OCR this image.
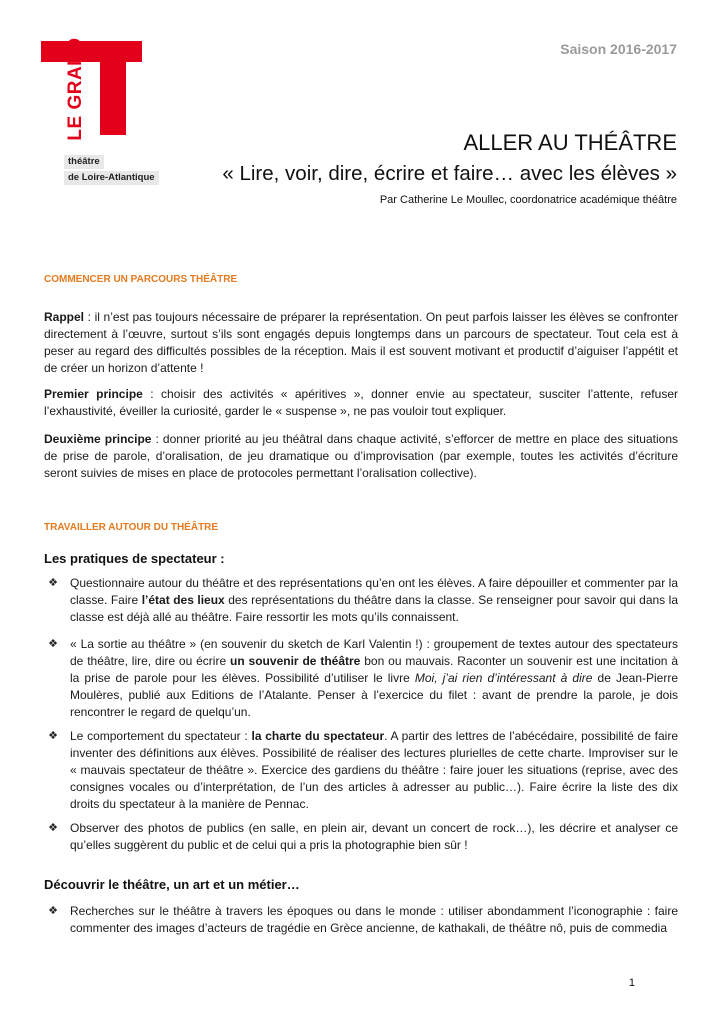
LE GRAND
théâtre
de Loire-Atlantique
Saison 2016-2017
ALLER AU THÉÂTRE
« Lire, voir, dire, écrire et faire… avec les élèves »
Par Catherine Le Moullec, coordonatrice académique théâtre
COMMENCER UN PARCOURS THÉÂTRE
Rappel : il n’est pas toujours nécessaire de préparer la représentation. On peut parfois laisser les élèves se confronter directement à l’œuvre, surtout s’ils sont engagés depuis longtemps dans un parcours de spectateur. Tout cela est à peser au regard des difficultés possibles de la réception. Mais il est souvent motivant et productif d’aiguiser l’appétit et de créer un horizon d’attente !
Premier principe : choisir des activités « apéritives », donner envie au spectateur, susciter l’attente, refuser l’exhaustivité, éveiller la curiosité, garder le « suspense », ne pas vouloir tout expliquer.
Deuxième principe : donner priorité au jeu théâtral dans chaque activité, s’efforcer de mettre en place des situations de prise de parole, d’oralisation, de jeu dramatique ou d’improvisation (par exemple, toutes les activités d’écriture seront suivies de mises en place de protocoles permettant l’oralisation collective).
TRAVAILLER AUTOUR DU THÉÂTRE
Les pratiques de spectateur :
❖ Questionnaire autour du théâtre et des représentations qu’en ont les élèves. A faire dépouiller et commenter par la classe. Faire l’état des lieux des représentations du théâtre dans la classe. Se renseigner pour savoir qui dans la classe est déjà allé au théâtre. Faire ressortir les mots qu’ils connaissent.
❖ « La sortie au théâtre » (en souvenir du sketch de Karl Valentin !) : groupement de textes autour des spectateurs de théâtre, lire, dire ou écrire un souvenir de théâtre bon ou mauvais. Raconter un souvenir est une incitation à la prise de parole pour les élèves. Possibilité d’utiliser le livre Moi, j’ai rien d’intéressant à dire de Jean-Pierre Moulères, publié aux Editions de l’Atalante. Penser à l’exercice du filet : avant de prendre la parole, je dois rencontrer le regard de quelqu’un.
❖ Le comportement du spectateur : la charte du spectateur. A partir des lettres de l’abécédaire, possibilité de faire inventer des définitions aux élèves. Possibilité de réaliser des lectures plurielles de cette charte. Improviser sur le « mauvais spectateur de théâtre ». Exercice des gardiens du théâtre : faire jouer les situations (reprise, avec des consignes vocales ou d’interprétation, de l’un des articles à adresser au public…). Faire écrire la liste des dix droits du spectateur à la manière de Pennac.
❖ Observer des photos de publics (en salle, en plein air, devant un concert de rock…), les décrire et analyser ce qu’elles suggèrent du public et de celui qui a pris la photographie bien sûr !
Découvrir le théâtre, un art et un métier…
❖ Recherches sur le théâtre à travers les époques ou dans le monde : utiliser abondamment l’iconographie : faire commenter des images d’acteurs de tragédie en Grèce ancienne, de kathakali, de théâtre nô, puis de commedia
1
